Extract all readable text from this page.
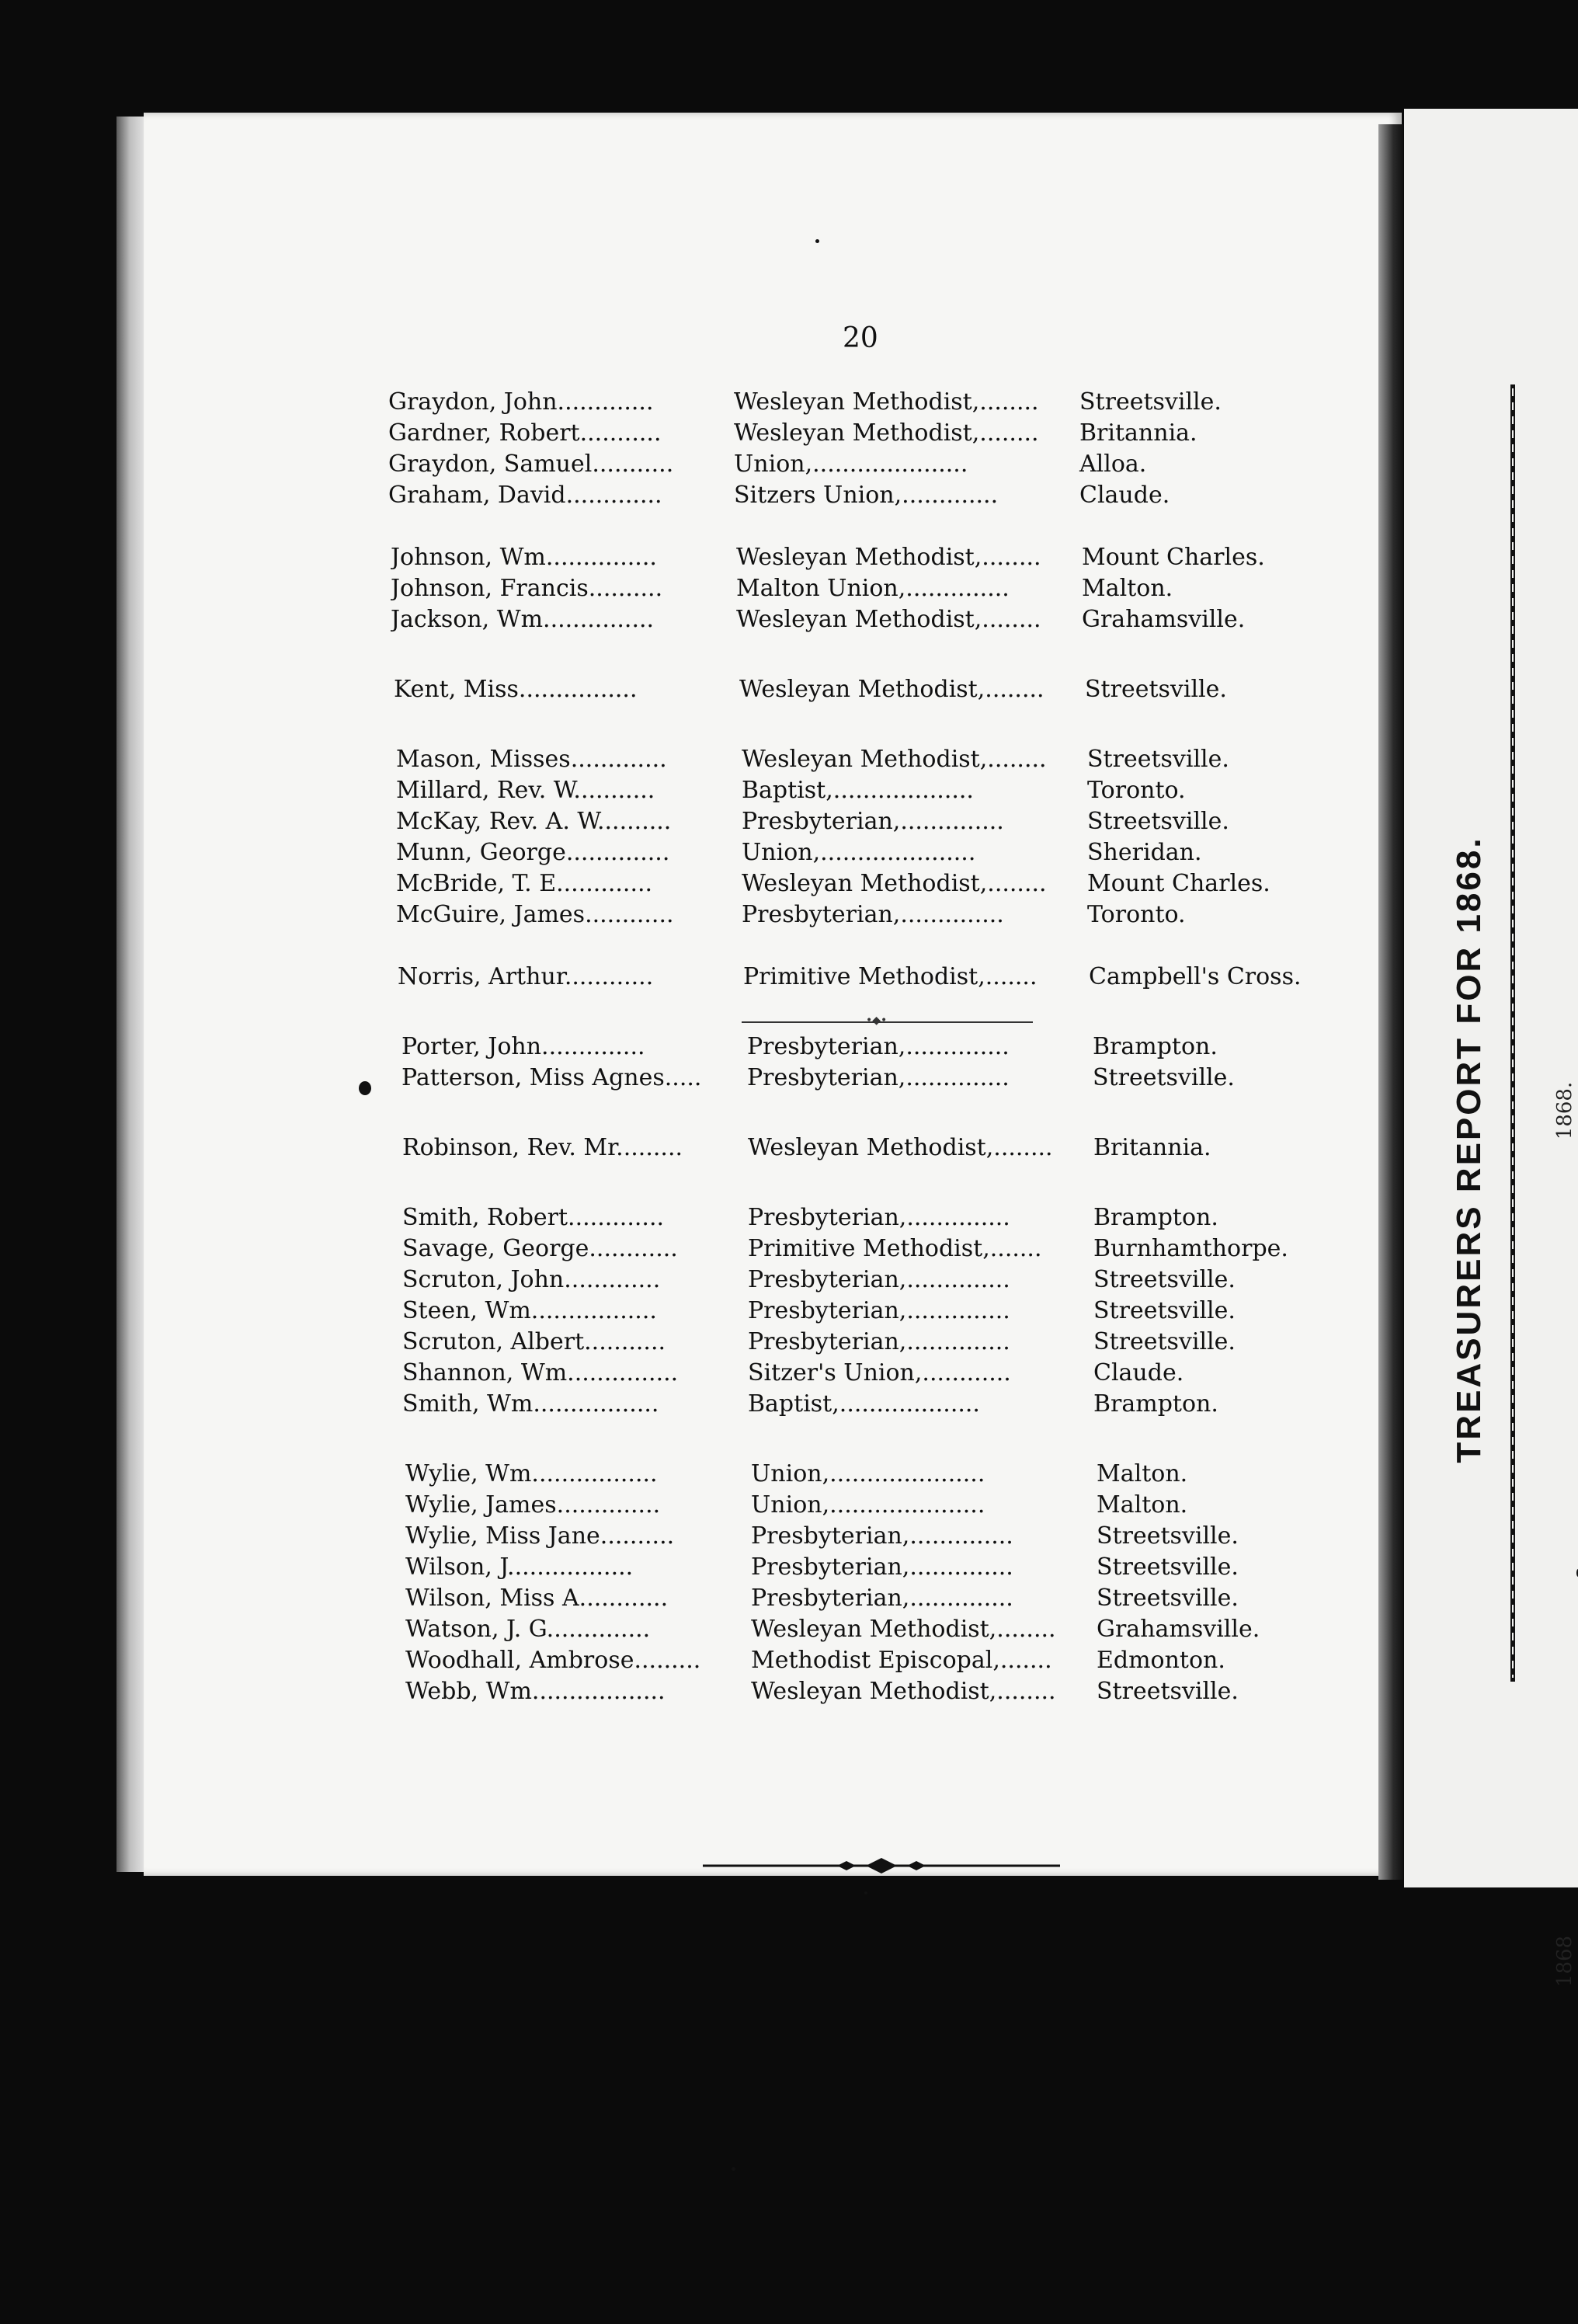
TREASURERS REPORT FOR 1868.	1868.
1868
20
Graydon, John.............	Wesleyan Methodist,........	Streetsville.
Gardner, Robert...........	Wesleyan Methodist,........	Britannia.
Graydon, Samuel...........	Union,.....................	Alloa.
Graham, David.............	Sitzers Union,.............	Claude.
Johnson, Wm...............	Wesleyan Methodist,........	Mount Charles.
Johnson, Francis..........	Malton Union,..............	Malton.
Jackson, Wm...............	Wesleyan Methodist,........	Grahamsville.
Kent, Miss................	Wesleyan Methodist,........	Streetsville.
Mason, Misses.............	Wesleyan Methodist,........	Streetsville.
Millard, Rev. W...........	Baptist,...................	Toronto.
McKay, Rev. A. W..........	Presbyterian,..............	Streetsville.
Munn, George..............	Union,.....................	Sheridan.
McBride, T. E.............	Wesleyan Methodist,........	Mount Charles.
McGuire, James............	Presbyterian,..............	Toronto.
Norris, Arthur............	Primitive Methodist,.......	Campbell's Cross.
Porter, John..............	Presbyterian,..............	Brampton.
Patterson, Miss Agnes.....	Presbyterian,..............	Streetsville.
Robinson, Rev. Mr.........	Wesleyan Methodist,........	Britannia.
Smith, Robert.............	Presbyterian,..............	Brampton.
Savage, George............	Primitive Methodist,.......	Burnhamthorpe.
Scruton, John.............	Presbyterian,..............	Streetsville.
Steen, Wm.................	Presbyterian,..............	Streetsville.
Scruton, Albert...........	Presbyterian,..............	Streetsville.
Shannon, Wm...............	Sitzer's Union,............	Claude.
Smith, Wm.................	Baptist,...................	Brampton.
Wylie, Wm.................	Union,.....................	Malton.
Wylie, James..............	Union,.....................	Malton.
Wylie, Miss Jane..........	Presbyterian,..............	Streetsville.
Wilson, J.................	Presbyterian,..............	Streetsville.
Wilson, Miss A............	Presbyterian,..............	Streetsville.
Watson, J. G..............	Wesleyan Methodist,........	Grahamsville.
Woodhall, Ambrose.........	Methodist Episcopal,.......	Edmonton.
Webb, Wm..................	Wesleyan Methodist,........	Streetsville.
•◆•
